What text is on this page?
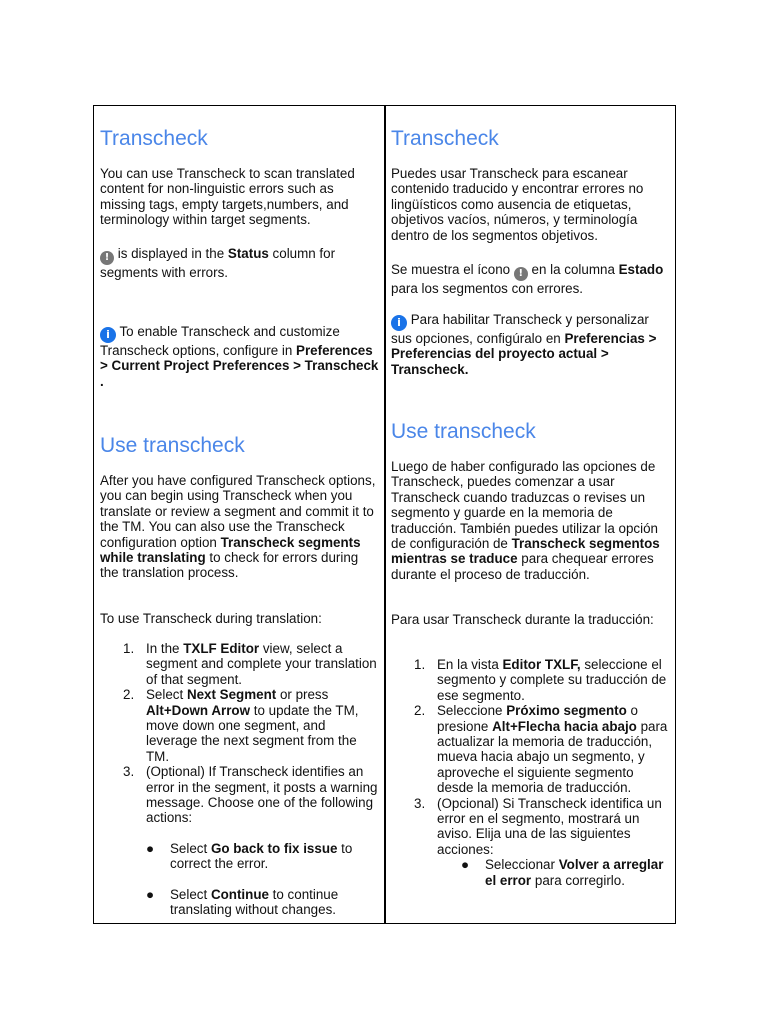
Transcheck

You can use Transcheck to scan translated content for non-linguistic errors such as missing tags, empty targets,numbers, and terminology within target segments.

! is displayed in the Status column for segments with errors.

i To enable Transcheck and customize Transcheck options, configure in Preferences > Current Project Preferences > Transcheck .

Use transcheck

After you have configured Transcheck options, you can begin using Transcheck when you translate or review a segment and commit it to the TM. You can also use the Transcheck configuration option Transcheck segments while translating to check for errors during the translation process.

To use Transcheck during translation:

1. In the TXLF Editor view, select a segment and complete your translation of that segment.
2. Select Next Segment or press Alt+Down Arrow to update the TM, move down one segment, and leverage the next segment from the TM.
3. (Optional) If Transcheck identifies an error in the segment, it posts a warning message. Choose one of the following actions:
● Select Go back to fix issue to correct the error.
● Select Continue to continue translating without changes.
Transcheck

Puedes usar Transcheck para escanear contenido traducido y encontrar errores no lingüísticos como ausencia de etiquetas, objetivos vacíos, números, y terminología dentro de los segmentos objetivos.

Se muestra el ícono ! en la columna Estado para los segmentos con errores.

i Para habilitar Transcheck y personalizar sus opciones, configúralo en Preferencias > Preferencias del proyecto actual > Transcheck.

Use transcheck

Luego de haber configurado las opciones de Transcheck, puedes comenzar a usar Transcheck cuando traduzcas o revises un segmento y guarde en la memoria de traducción. También puedes utilizar la opción de configuración de Transcheck segmentos mientras se traduce para chequear errores durante el proceso de traducción.

Para usar Transcheck durante la traducción:

1. En la vista Editor TXLF, seleccione el segmento y complete su traducción de ese segmento.
2. Seleccione Próximo segmento o presione Alt+Flecha hacia abajo para actualizar la memoria de traducción, mueva hacia abajo un segmento, y aproveche el siguiente segmento desde la memoria de traducción.
3. (Opcional) Si Transcheck identifica un error en el segmento, mostrará un aviso. Elija una de las siguientes acciones:
● Seleccionar Volver a arreglar el error para corregirlo.
